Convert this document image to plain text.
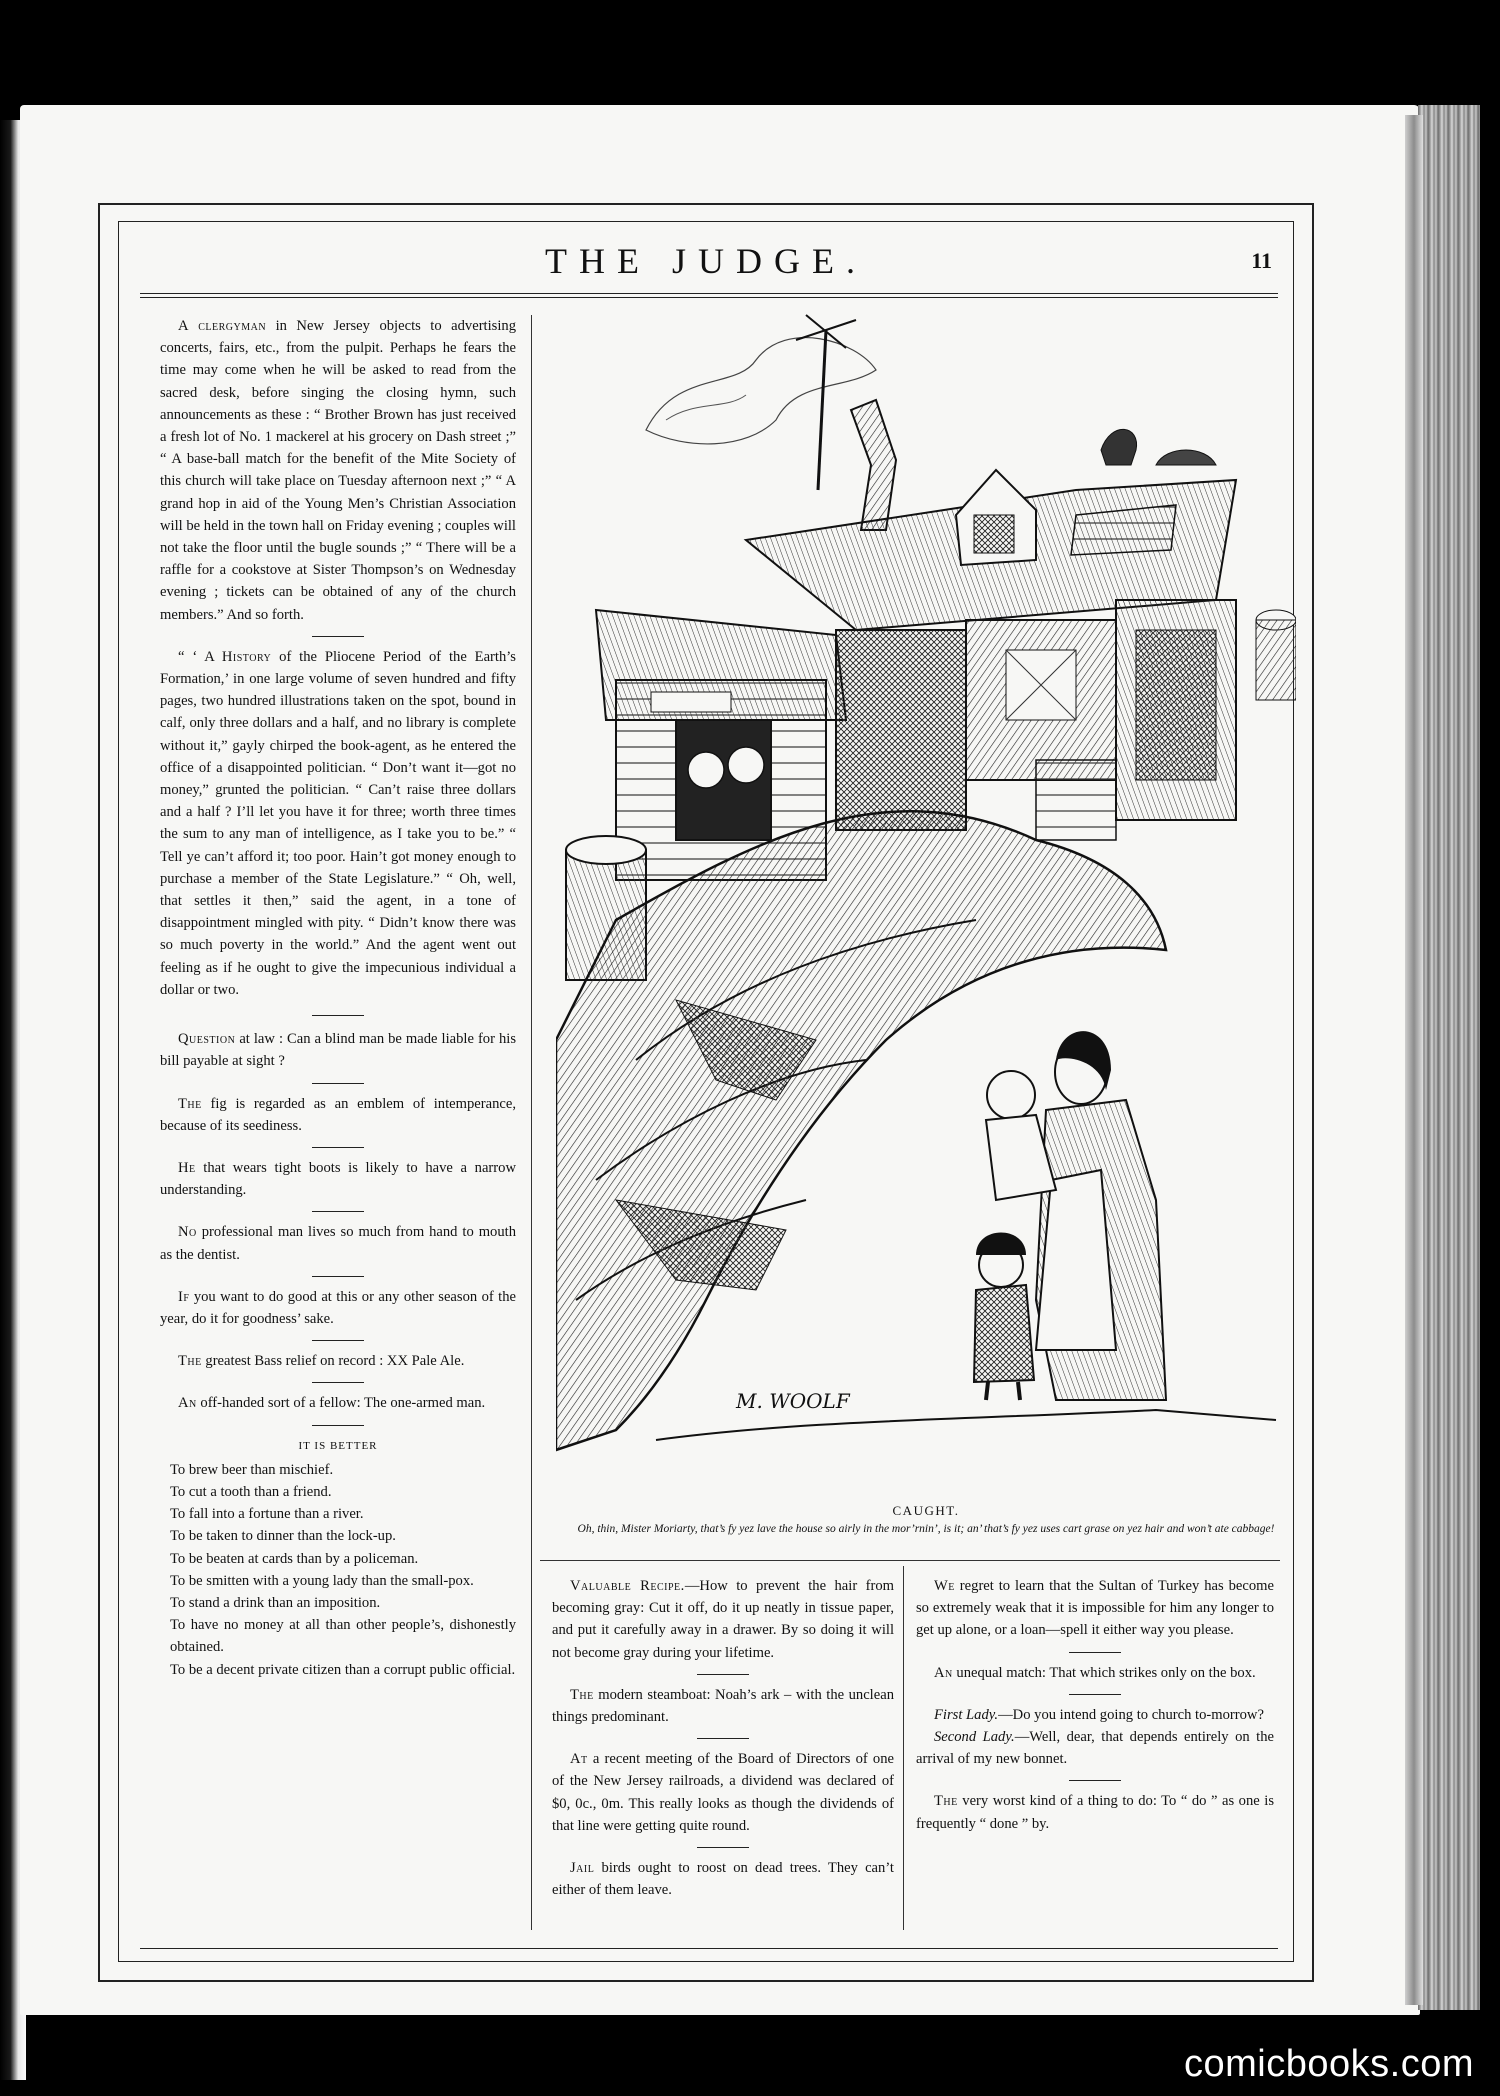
THE JUDGE.	11

A clergyman in New Jersey objects to advertising concerts, fairs, etc., from the pulpit. Perhaps he fears the time may come when he will be asked to read from the sacred desk, before singing the closing hymn, such announcements as these : “ Brother Brown has just received a fresh lot of No. 1 mackerel at his grocery on Dash street ;” “ A base-ball match for the benefit of the Mite Society of this church will take place on Tuesday afternoon next ;” “ A grand hop in aid of the Young Men’s Christian Association will be held in the town hall on Friday evening ; couples will not take the floor until the bugle sounds ;” “ There will be a raffle for a cookstove at Sister Thompson’s on Wednesday evening ; tickets can be obtained of any of the church members.” And so forth.

“ ‘ A History of the Pliocene Period of the Earth’s Formation,’ in one large volume of seven hundred and fifty pages, two hundred illustrations taken on the spot, bound in calf, only three dollars and a half, and no library is complete without it,” gayly chirped the book-agent, as he entered the office of a disappointed politician. “ Don’t want it—got no money,” grunted the politician. “ Can’t raise three dollars and a half ? I’ll let you have it for three; worth three times the sum to any man of intelligence, as I take you to be.” “ Tell ye can’t afford it; too poor. Hain’t got money enough to purchase a member of the State Legislature.” “ Oh, well, that settles it then,” said the agent, in a tone of disappointment mingled with pity. “ Didn’t know there was so much poverty in the world.” And the agent went out feeling as if he ought to give the impecunious individual a dollar or two.

Question at law : Can a blind man be made liable for his bill payable at sight ?

The fig is regarded as an emblem of intemperance, because of its seediness.

He that wears tight boots is likely to have a narrow understanding.

No professional man lives so much from hand to mouth as the dentist.

If you want to do good at this or any other season of the year, do it for goodness’ sake.

The greatest Bass relief on record : XX Pale Ale.

An off-handed sort of a fellow: The one-armed man.

IT IS BETTER

To brew beer than mischief.

To cut a tooth than a friend.

To fall into a fortune than a river.

To be taken to dinner than the lock-up.

To be beaten at cards than by a policeman.

To be smitten with a young lady than the small-pox.

To stand a drink than an imposition.

To have no money at all than other people’s, dishonestly obtained.

To be a decent private citizen than a corrupt public official.

M. WOOLF
CAUGHT.
Oh, thin, Mister Moriarty, that’s fy yez lave the house so airly in the mor’rnin’, is it; an’ that’s fy yez uses cart grase on yez hair and won’t ate cabbage!

Valuable Recipe.—How to prevent the hair from becoming gray: Cut it off, do it up neatly in tissue paper, and put it carefully away in a drawer. By so doing it will not become gray during your lifetime.

The modern steamboat: Noah’s ark – with the unclean things predominant.

At a recent meeting of the Board of Directors of one of the New Jersey railroads, a dividend was declared of $0, 0c., 0m. This really looks as though the dividends of that line were getting quite round.

Jail birds ought to roost on dead trees. They can’t either of them leave.

We regret to learn that the Sultan of Turkey has become so extremely weak that it is impossible for him any longer to get up alone, or a loan—spell it either way you please.

An unequal match: That which strikes only on the box.

First Lady.—Do you intend going to church to-morrow?

Second Lady.—Well, dear, that depends entirely on the arrival of my new bonnet.

The very worst kind of a thing to do: To “ do ” as one is frequently “ done ” by.

comicbooks.com
